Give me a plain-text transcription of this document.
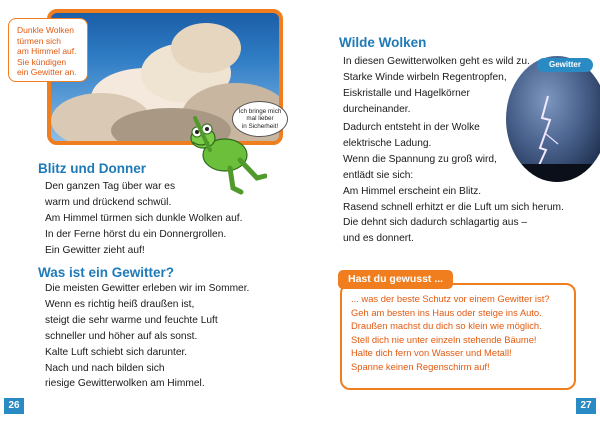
Dunkle Wolken
türmen sich
am Himmel auf.
Sie kündigen
ein Gewitter an.
Ich bringe mich
mal lieber
in Sicherheit!
Blitz und Donner
Den ganzen Tag über war es
warm und drückend schwül.
Am Himmel türmen sich dunkle Wolken auf.
In der Ferne hörst du ein Donnergrollen.
Ein Gewitter zieht auf!
Was ist ein Gewitter?
Die meisten Gewitter erleben wir im Sommer.
Wenn es richtig heiß draußen ist,
steigt die sehr warme und feuchte Luft
schneller und höher auf als sonst.
Kalte Luft schiebt sich darunter.
Nach und nach bilden sich
riesige Gewitterwolken am Himmel.
26
Wilde Wolken
Gewitter
In diesen Gewitterwolken geht es wild zu.
Starke Winde wirbeln Regentropfen,
Eiskristalle und Hagelkörner
durcheinander.
Dadurch entsteht in der Wolke
elektrische Ladung.
Wenn die Spannung zu groß wird,
entlädt sie sich:
Am Himmel erscheint ein Blitz.
Rasend schnell erhitzt er die Luft um sich herum.
Die dehnt sich dadurch schlagartig aus –
und es donnert.
Hast du gewusst ...
... was der beste Schutz vor einem Gewitter ist?
Geh am besten ins Haus oder steige ins Auto.
Draußen machst du dich so klein wie möglich.
Stell dich nie unter einzeln stehende Bäume!
Halte dich fern von Wasser und Metall!
Spanne keinen Regenschirm auf!
27
